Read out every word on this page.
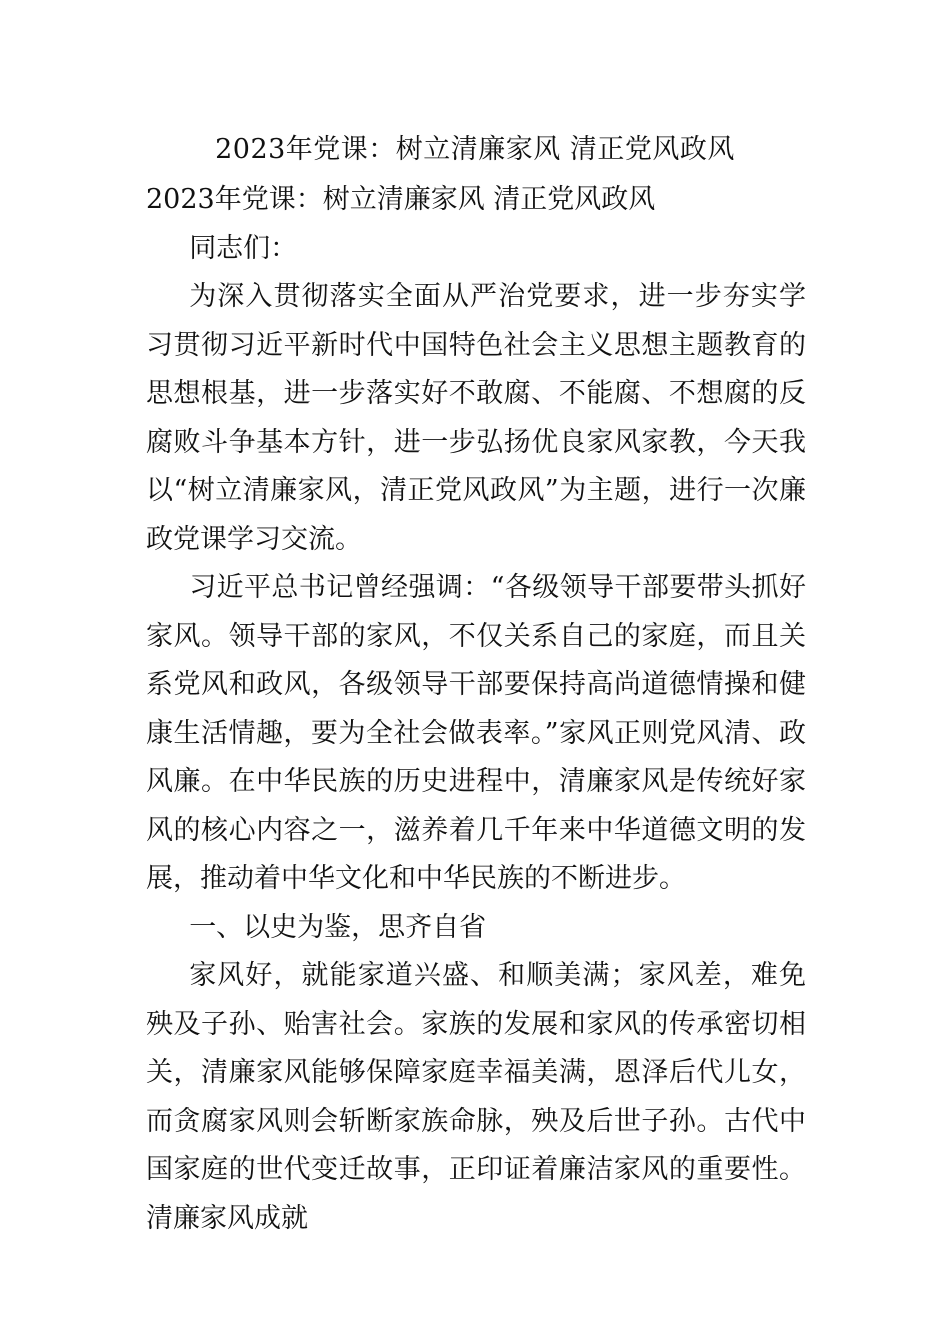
2023年党课：树立清廉家风 清正党风政风

2023年党课：树立清廉家风 清正党风政风

同志们：

为深入贯彻落实全面从严治党要求，进一步夯实学习贯彻习近平新时代中国特色社会主义思想主题教育的思想根基，进一步落实好不敢腐、不能腐、不想腐的反腐败斗争基本方针，进一步弘扬优良家风家教，今天我以“树立清廉家风，清正党风政风”为主题，进行一次廉政党课学习交流。

习近平总书记曾经强调：“各级领导干部要带头抓好家风。领导干部的家风，不仅关系自己的家庭，而且关系党风和政风，各级领导干部要保持高尚道德情操和健康生活情趣，要为全社会做表率。”家风正则党风清、政风廉。在中华民族的历史进程中，清廉家风是传统好家风的核心内容之一，滋养着几千年来中华道德文明的发展，推动着中华文化和中华民族的不断进步。

一、以史为鉴，思齐自省

家风好，就能家道兴盛、和顺美满；家风差，难免殃及子孙、贻害社会。家族的发展和家风的传承密切相关，清廉家风能够保障家庭幸福美满，恩泽后代儿女，而贪腐家风则会斩断家族命脉，殃及后世子孙。古代中国家庭的世代变迁故事，正印证着廉洁家风的重要性。清廉家风成就
